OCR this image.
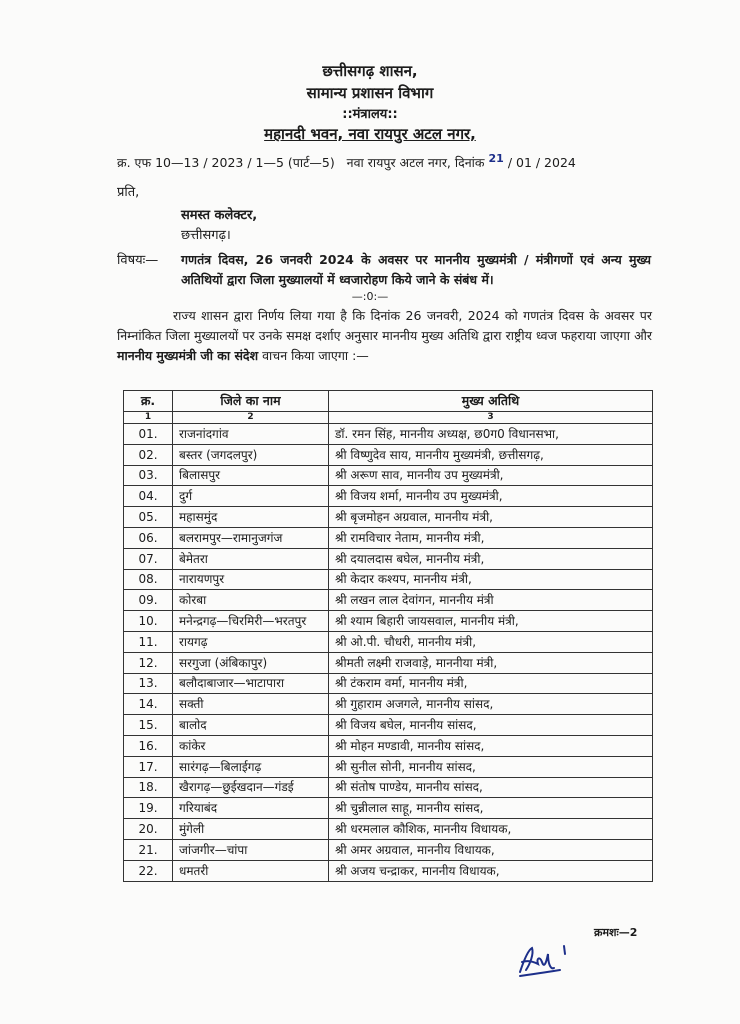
छत्तीसगढ़ शासन,
सामान्य प्रशासन विभाग
::मंत्रालय::
महानदी भवन, नवा रायपुर अटल नगर,
क्र. एफ 10—13 / 2023 / 1—5 (पार्ट—5) नवा रायपुर अटल नगर, दिनांक 21 / 01 / 2024
प्रति,
समस्त कलेक्टर,
छत्तीसगढ़।
विषयः— गणतंत्र दिवस, 26 जनवरी 2024 के अवसर पर माननीय मुख्यमंत्री / मंत्रीगणों एवं अन्य मुख्य अतिथियों द्वारा जिला मुख्यालयों में ध्वजारोहण किये जाने के संबंध में।
—:0:—
राज्य शासन द्वारा निर्णय लिया गया है कि दिनांक 26 जनवरी, 2024 को गणतंत्र दिवस के अवसर पर निम्नांकित जिला मुख्यालयों पर उनके समक्ष दर्शाए अनुसार माननीय मुख्य अतिथि द्वारा राष्ट्रीय ध्वज फहराया जाएगा और माननीय मुख्यमंत्री जी का संदेश वाचन किया जाएगा :—
क्र.	जिले का नाम	मुख्य अतिथि
1	2	3
01.	राजनांदगांव	डॉ. रमन सिंह, माननीय अध्यक्ष, छ0ग0 विधानसभा,
02.	बस्तर (जगदलपुर)	श्री विष्णुदेव साय, माननीय मुख्यमंत्री, छत्तीसगढ़,
03.	बिलासपुर	श्री अरूण साव, माननीय उप मुख्यमंत्री,
04.	दुर्ग	श्री विजय शर्मा, माननीय उप मुख्यमंत्री,
05.	महासमुंद	श्री बृजमोहन अग्रवाल, माननीय मंत्री,
06.	बलरामपुर—रामानुजगंज	श्री रामविचार नेताम, माननीय मंत्री,
07.	बेमेतरा	श्री दयालदास बघेल, माननीय मंत्री,
08.	नारायणपुर	श्री केदार कश्यप, माननीय मंत्री,
09.	कोरबा	श्री लखन लाल देवांगन, माननीय मंत्री
10.	मनेन्द्रगढ़—चिरमिरी—भरतपुर	श्री श्याम बिहारी जायसवाल, माननीय मंत्री,
11.	रायगढ़	श्री ओ.पी. चौधरी, माननीय मंत्री,
12.	सरगुजा (अंबिकापुर)	श्रीमती लक्ष्मी राजवाड़े, माननीया मंत्री,
13.	बलौदाबाजार—भाटापारा	श्री टंकराम वर्मा, माननीय मंत्री,
14.	सक्ती	श्री गुहाराम अजगले, माननीय सांसद,
15.	बालोद	श्री विजय बघेल, माननीय सांसद,
16.	कांकेर	श्री मोहन मण्डावी, माननीय सांसद,
17.	सारंगढ़—बिलाईगढ़	श्री सुनील सोनी, माननीय सांसद,
18.	खैरागढ़—छुईखदान—गंडई	श्री संतोष पाण्डेय, माननीय सांसद,
19.	गरियाबंद	श्री चुन्नीलाल साहू, माननीय सांसद,
20.	मुंगेली	श्री धरमलाल कौशिक, माननीय विधायक,
21.	जांजगीर—चांपा	श्री अमर अग्रवाल, माननीय विधायक,
22.	धमतरी	श्री अजय चन्द्राकर, माननीय विधायक,
क्रमशः—2
